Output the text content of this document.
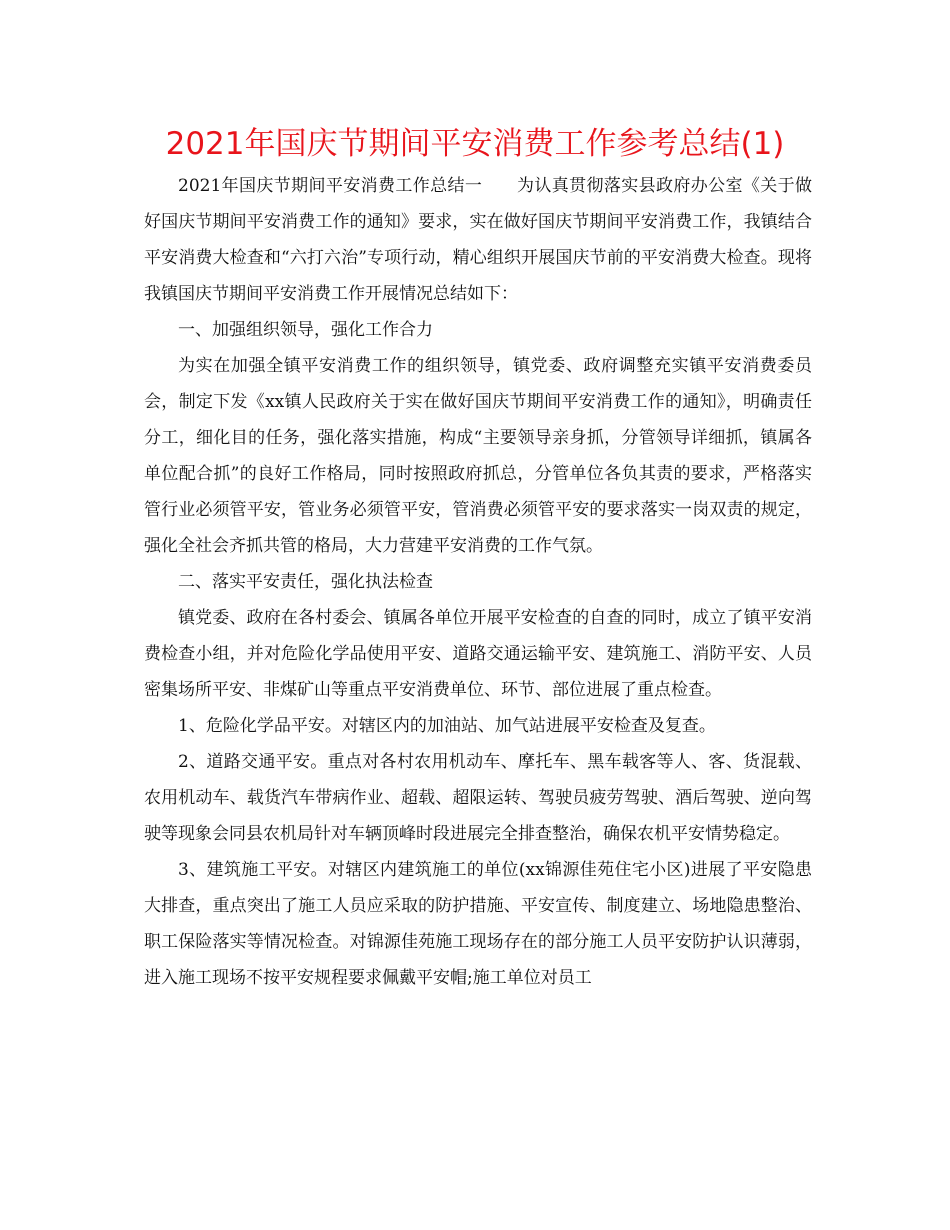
2021年国庆节期间平安消费工作参考总结(1)

2021年国庆节期间平安消费工作总结一　　为认真贯彻落实县政府办公室《关于做好国庆节期间平安消费工作的通知》要求，实在做好国庆节期间平安消费工作，我镇结合平安消费大检查和“六打六治”专项行动，精心组织开展国庆节前的平安消费大检查。现将我镇国庆节期间平安消费工作开展情况总结如下：

一、加强组织领导，强化工作合力

为实在加强全镇平安消费工作的组织领导，镇党委、政府调整充实镇平安消费委员会，制定下发《xx镇人民政府关于实在做好国庆节期间平安消费工作的通知》，明确责任分工，细化目的任务，强化落实措施，构成“主要领导亲身抓，分管领导详细抓，镇属各单位配合抓”的良好工作格局，同时按照政府抓总，分管单位各负其责的要求，严格落实管行业必须管平安，管业务必须管平安，管消费必须管平安的要求落实一岗双责的规定，强化全社会齐抓共管的格局，大力营建平安消费的工作气氛。

二、落实平安责任，强化执法检查

镇党委、政府在各村委会、镇属各单位开展平安检查的自查的同时，成立了镇平安消费检查小组，并对危险化学品使用平安、道路交通运输平安、建筑施工、消防平安、人员密集场所平安、非煤矿山等重点平安消费单位、环节、部位进展了重点检查。

1、危险化学品平安。对辖区内的加油站、加气站进展平安检查及复查。

2、道路交通平安。重点对各村农用机动车、摩托车、黑车载客等人、客、货混载、农用机动车、载货汽车带病作业、超载、超限运转、驾驶员疲劳驾驶、酒后驾驶、逆向驾驶等现象会同县农机局针对车辆顶峰时段进展完全排查整治，确保农机平安情势稳定。

3、建筑施工平安。对辖区内建筑施工的单位(xx锦源佳苑住宅小区)进展了平安隐患大排查，重点突出了施工人员应采取的防护措施、平安宣传、制度建立、场地隐患整治、职工保险落实等情况检查。对锦源佳苑施工现场存在的部分施工人员平安防护认识薄弱，进入施工现场不按平安规程要求佩戴平安帽;施工单位对员工
